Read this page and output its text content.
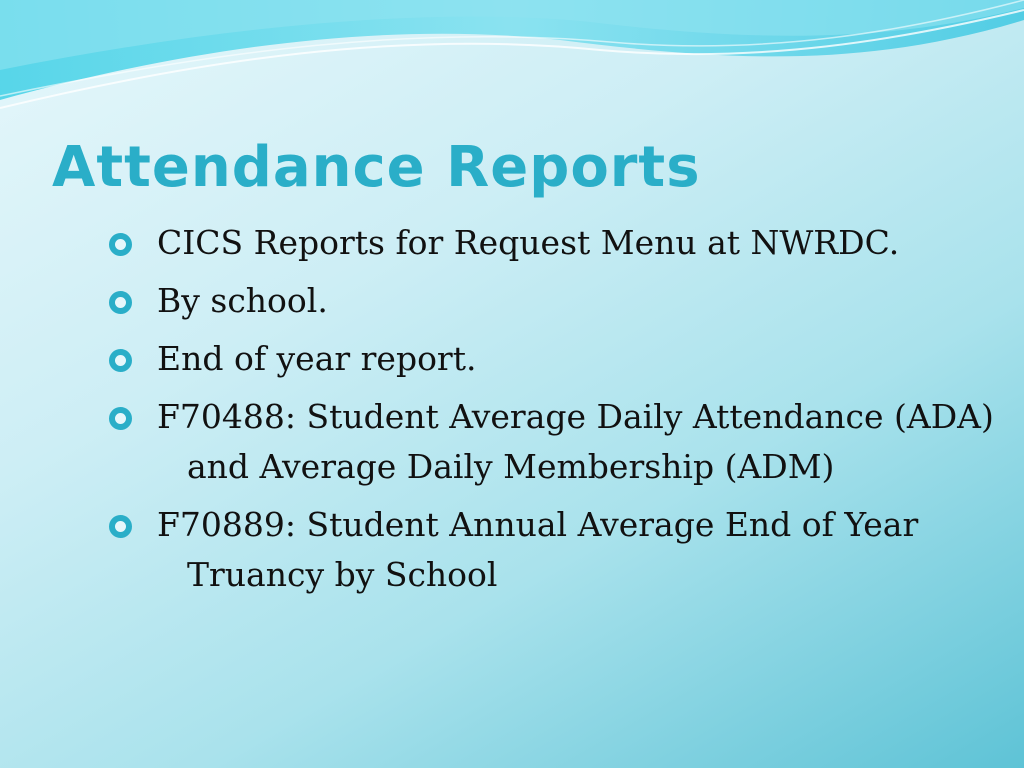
Attendance Reports
CICS Reports for Request Menu at NWRDC.
By school.
End of year report.
F70488: Student Average Daily Attendance (ADA) and Average Daily Membership (ADM)
F70889: Student Annual Average End of Year Truancy by School
